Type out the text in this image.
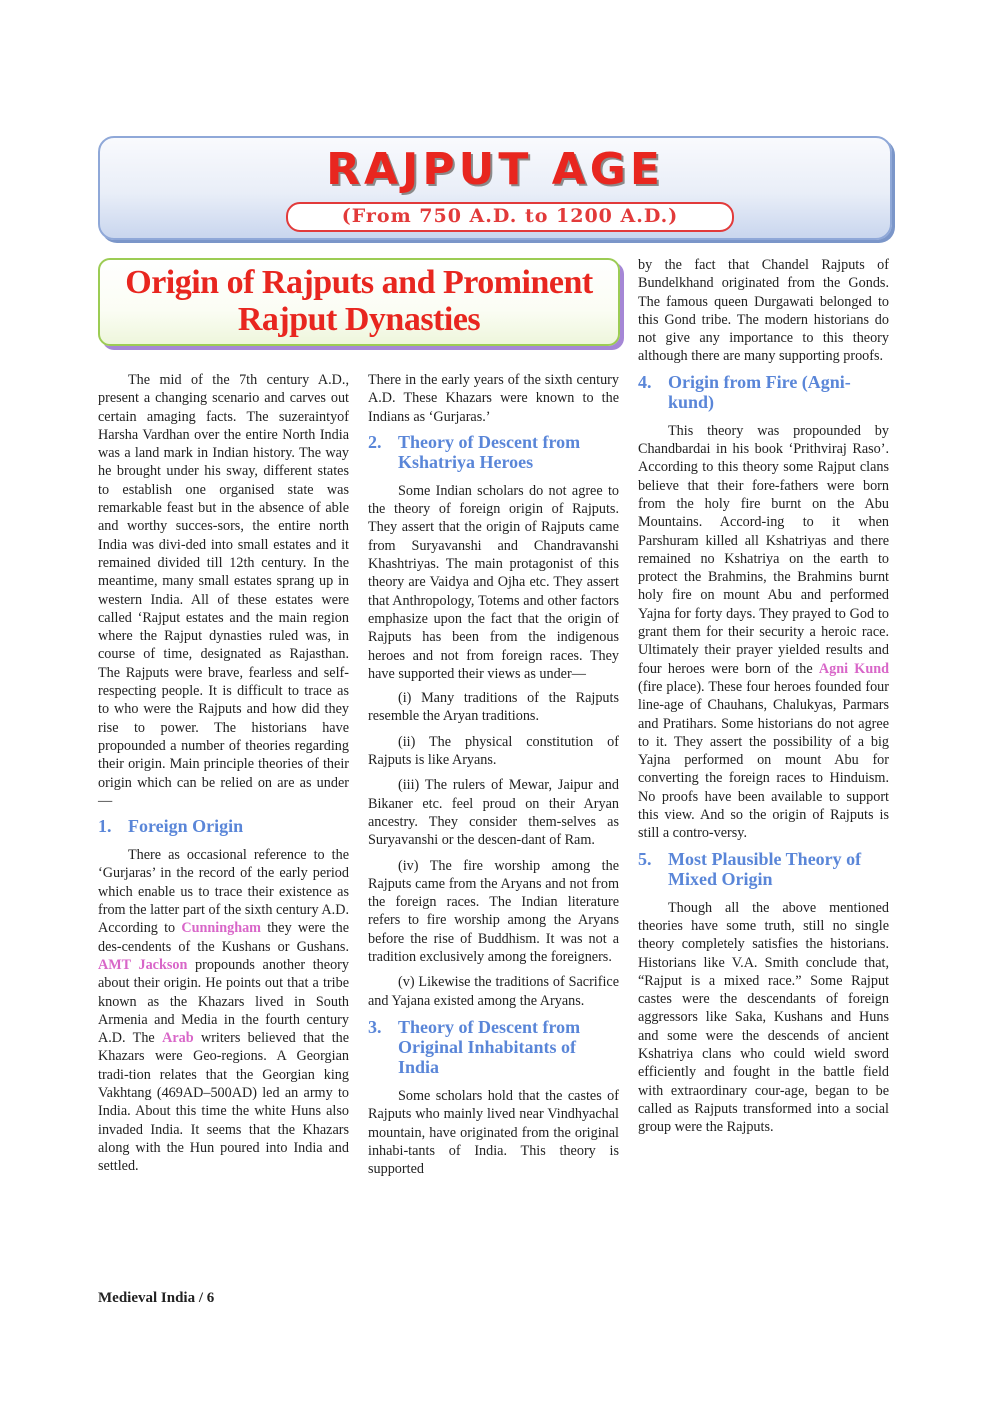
RAJPUT AGE
(From 750 A.D. to 1200 A.D.)
Origin of Rajputs and Prominent
Rajput Dynasties

The mid of the 7th century A.D., present a changing scenario and carves out certain amaging facts. The suzeraintyof Harsha Vardhan over the entire North India was a land mark in Indian history. The way he brought under his sway, different states to establish one organised state was remarkable feast but in the absence of able and worthy succes-sors, the entire north India was divi-ded into small estates and it remained divided till 12th century. In the meantime, many small estates sprang up in western India. All of these estates were called ‘Rajput estates and the main region where the Rajput dynasties ruled was, in course of time, designated as Rajasthan. The Rajputs were brave, fearless and self-respecting people. It is difficult to trace as to who were the Rajputs and how did they rise to power. The historians have propounded a number of theories regarding their origin. Main principle theories of their origin which can be relied on are as under—

1. Foreign Origin

There as occasional reference to the ‘Gurjaras’ in the record of the early period which enable us to trace their existence as from the latter part of the sixth century A.D. According to Cunningham they were the des-cendents of the Kushans or Gushans. AMT Jackson propounds another theory about their origin. He points out that a tribe known as the Khazars lived in South Armenia and Media in the fourth century A.D. The Arab writers believed that the Khazars were Geo-regions. A Georgian tradi-tion relates that the Georgian king Vakhtang (469AD–500AD) led an army to India. About this time the white Huns also invaded India. It seems that the Khazars along with the Hun poured into India and settled.

There in the early years of the sixth century A.D. These Khazars were known to the Indians as ‘Gurjaras.’

2. Theory of Descent from Kshatriya Heroes

Some Indian scholars do not agree to the theory of foreign origin of Rajputs. They assert that the origin of Rajputs came from Suryavanshi and Chandravanshi Khashtriyas. The main protagonist of this theory are Vaidya and Ojha etc. They assert that Anthropology, Totems and other factors emphasize upon the fact that the origin of Rajputs has been from the indigenous heroes and not from foreign races. They have supported their views as under—

(i) Many traditions of the Rajputs resemble the Aryan traditions.

(ii) The physical constitution of Rajputs is like Aryans.

(iii) The rulers of Mewar, Jaipur and Bikaner etc. feel proud on their Aryan ancestry. They consider them-selves as Suryavanshi or the descen-dant of Ram.

(iv) The fire worship among the Rajputs came from the Aryans and not from the foreign races. The Indian literature refers to fire worship among the Aryans before the rise of Buddhism. It was not a tradition exclusively among the foreigners.

(v) Likewise the traditions of Sacrifice and Yajana existed among the Aryans.

3. Theory of Descent from Original Inhabitants of India

Some scholars hold that the castes of Rajputs who mainly lived near Vindhyachal mountain, have originated from the original inhabi-tants of India. This theory is supported

by the fact that Chandel Rajputs of Bundelkhand originated from the Gonds. The famous queen Durgawati belonged to this Gond tribe. The modern historians do not give any importance to this theory although there are many supporting proofs.

4. Origin from Fire (Agni-kund)

This theory was propounded by Chandbardai in his book ‘Prithviraj Raso’. According to this theory some Rajput clans believe that their fore-fathers were born from the holy fire burnt on the Abu Mountains. Accord-ing to it when Parshuram killed all Kshatriyas and there remained no Kshatriya on the earth to protect the Brahmins, the Brahmins burnt holy fire on mount Abu and performed Yajna for forty days. They prayed to God to grant them for their security a heroic race. Ultimately their prayer yielded results and four heroes were born of the Agni Kund (fire place). These four heroes founded four line-age of Chauhans, Chalukyas, Parmars and Pratihars. Some historians do not agree to it. They assert the possibility of a big Yajna performed on mount Abu for converting the foreign races to Hinduism. No proofs have been available to support this view. And so the origin of Rajputs is still a contro-versy.

5. Most Plausible Theory of Mixed Origin

Though all the above mentioned theories have some truth, still no single theory completely satisfies the historians. Historians like V.A. Smith conclude that, “Rajput is a mixed race.” Some Rajput castes were the descendants of foreign aggressors like Saka, Kushans and Huns and some were the descends of ancient Kshatriya clans who could wield sword efficiently and fought in the battle field with extraordinary cour-age, began to be called as Rajputs transformed into a social group were the Rajputs.

Medieval India / 6
